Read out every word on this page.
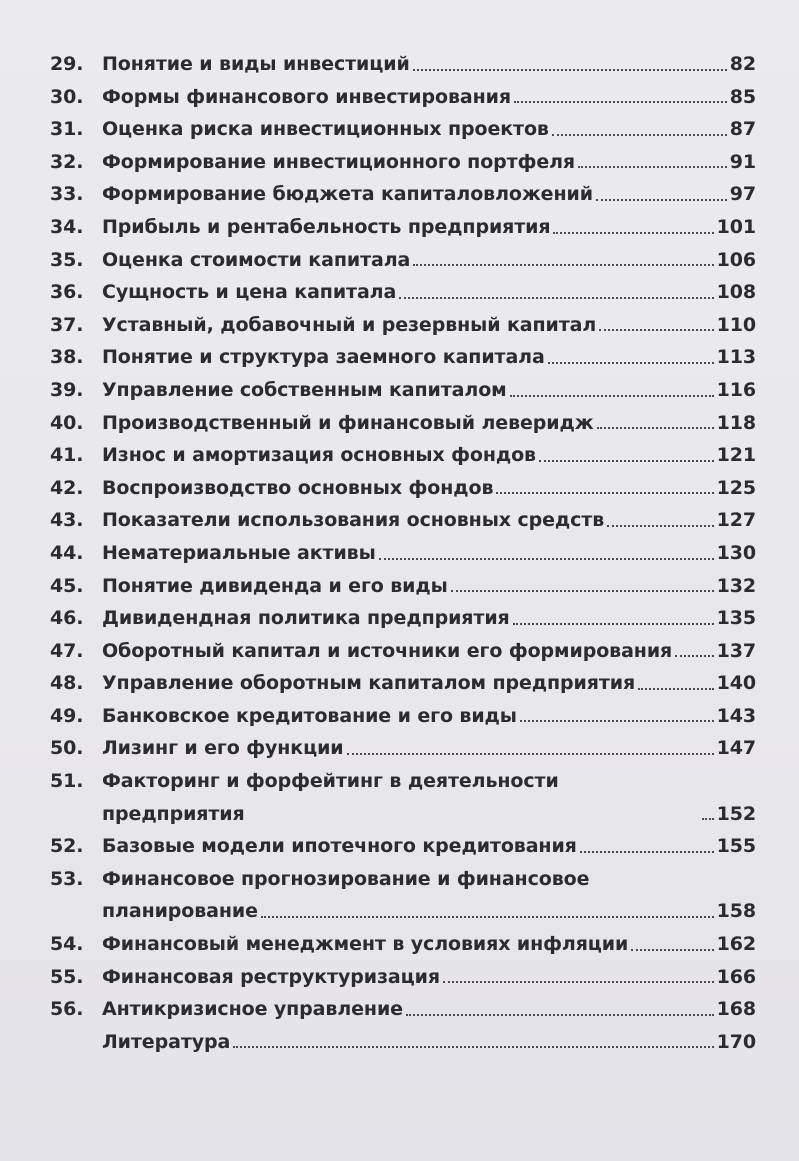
29. Понятие и виды инвестиций	82
30. Формы финансового инвестирования	85
31. Оценка риска инвестиционных проектов	87
32. Формирование инвестиционного портфеля	91
33. Формирование бюджета капиталовложений	97
34. Прибыль и рентабельность предприятия	101
35. Оценка стоимости капитала	106
36. Сущность и цена капитала	108
37. Уставный, добавочный и резервный капитал	110
38. Понятие и структура заемного капитала	113
39. Управление собственным капиталом	116
40. Производственный и финансовый леверидж	118
41. Износ и амортизация основных фондов	121
42. Воспроизводство основных фондов	125
43. Показатели использования основных средств	127
44. Нематериальные активы	130
45. Понятие дивиденда и его виды	132
46. Дивидендная политика предприятия	135
47. Оборотный капитал и источники его формирования 137
48. Управление оборотным капиталом предприятия	140
49. Банковское кредитование и его виды	143
50. Лизинг и его функции	147
51. Факторинг и форфейтинг в деятельности предприятия	152
52. Базовые модели ипотечного кредитования	155
53. Финансовое прогнозирование и финансовое
планирование	158
54. Финансовый менеджмент в условиях инфляции	162
55. Финансовая реструктуризация	166
56. Антикризисное управление	168
Литература	170
